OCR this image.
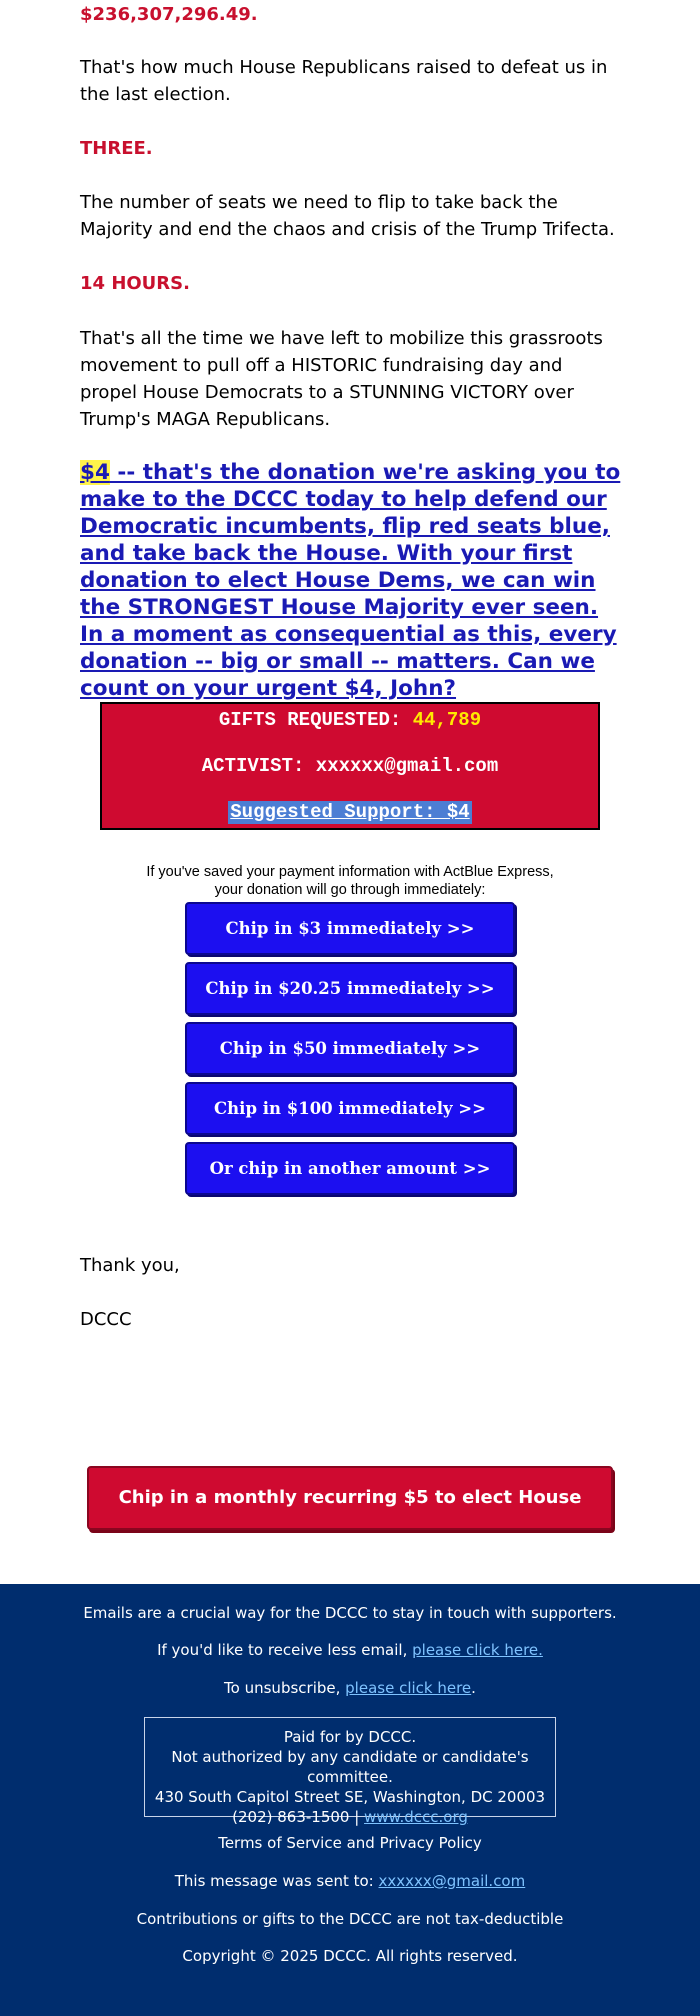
$236,307,296.49.

That's how much House Republicans raised to defeat us in the last election.

THREE.

The number of seats we need to flip to take back the Majority and end the chaos and crisis of the Trump Trifecta.

14 HOURS.

That's all the time we have left to mobilize this grassroots movement to pull off a HISTORIC fundraising day and propel House Democrats to a STUNNING VICTORY over Trump's MAGA Republicans.

$4 -- that's the donation we're asking you to make to the DCCC today to help defend our Democratic incumbents, flip red seats blue, and take back the House. With your first donation to elect House Dems, we can win the STRONGEST House Majority ever seen. In a moment as consequential as this, every donation -- big or small -- matters. Can we count on your urgent $4, John?
GIFTS REQUESTED: 44,789
ACTIVIST: xxxxxx@gmail.com
Suggested Support: $4
If you've saved your payment information with ActBlue Express,
your donation will go through immediately:
Chip in $3 immediately >>
Chip in $20.25 immediately >>
Chip in $50 immediately >>
Chip in $100 immediately >>
Or chip in another amount >>

Thank you,

DCCC

Chip in a monthly recurring $5 to elect House Dems >>
Emails are a crucial way for the DCCC to stay in touch with supporters.
If you'd like to receive less email, please click here.
To unsubscribe, please click here.
Paid for by DCCC.
Not authorized by any candidate or candidate's committee.
430 South Capitol Street SE, Washington, DC 20003
(202) 863-1500 | www.dccc.org
Terms of Service and Privacy Policy
This message was sent to: xxxxxx@gmail.com
Contributions or gifts to the DCCC are not tax-deductible
Copyright © 2025 DCCC. All rights reserved.
